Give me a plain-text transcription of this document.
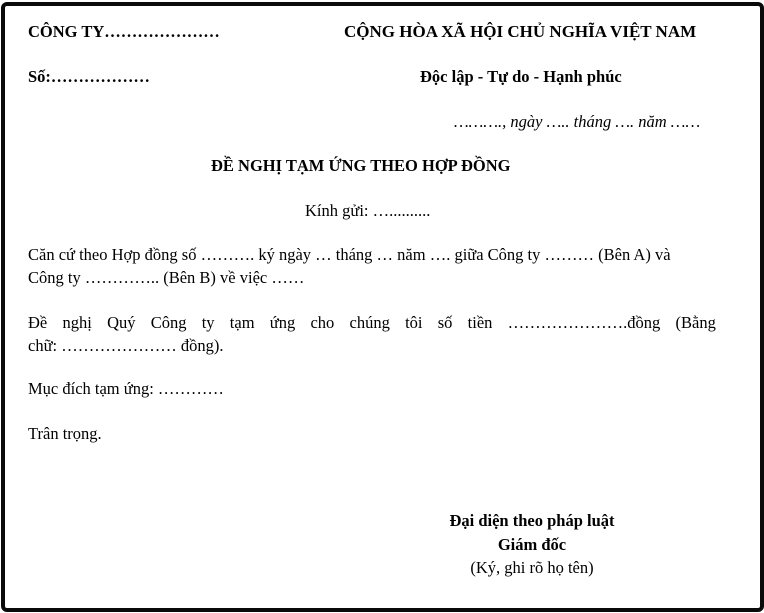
CÔNG TY…………………
Số:………………
CỘNG HÒA XÃ HỘI CHỦ NGHĨA VIỆT NAM
Độc lập - Tự do - Hạnh phúc
………., ngày ….. tháng …. năm ……
ĐỀ NGHỊ TẠM ỨNG THEO HỢP ĐỒNG
Kính gửi: …..........
Căn cứ theo Hợp đồng số ………. ký ngày … tháng … năm …. giữa Công ty ……… (Bên A) và
Công ty ………….. (Bên B) về việc ……
Đề nghị Quý Công ty tạm ứng cho chúng tôi số tiền ………………….đồng (Bằng
chữ: ………………… đồng).
Mục đích tạm ứng: …………
Trân trọng.
Đại diện theo pháp luật
Giám đốc
(Ký, ghi rõ họ tên)
